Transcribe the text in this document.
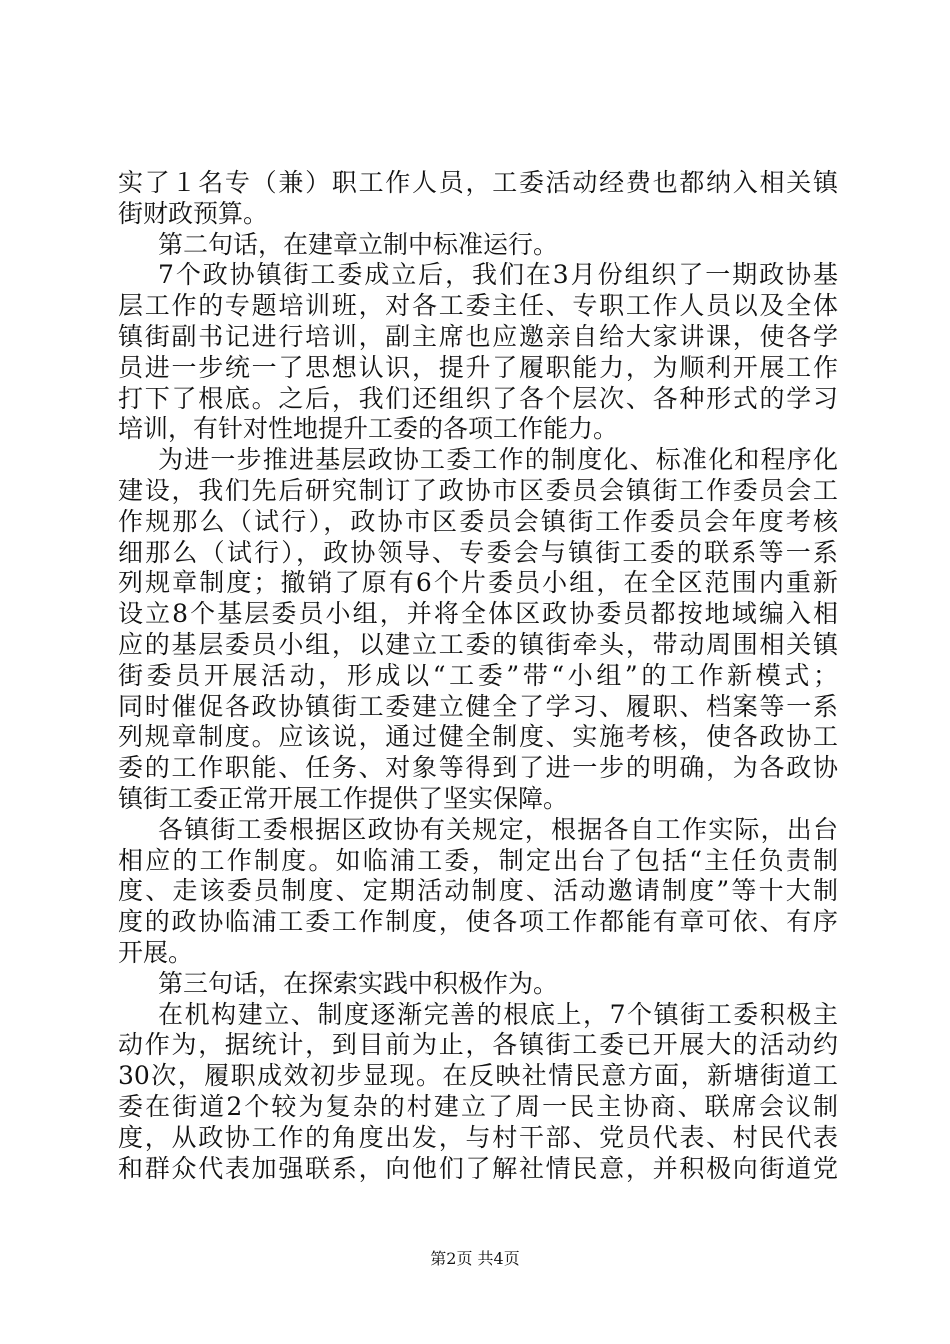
实了１名专（兼）职工作人员，工委活动经费也都纳入相关镇
街财政预算。
第二句话，在建章立制中标准运行。
7个政协镇街工委成立后，我们在3月份组织了一期政协基
层工作的专题培训班，对各工委主任、专职工作人员以及全体
镇街副书记进行培训，副主席也应邀亲自给大家讲课，使各学
员进一步统一了思想认识，提升了履职能力，为顺利开展工作
打下了根底。之后，我们还组织了各个层次、各种形式的学习
培训，有针对性地提升工委的各项工作能力。
为进一步推进基层政协工委工作的制度化、标准化和程序化
建设，我们先后研究制订了政协市区委员会镇街工作委员会工
作规那么（试行），政协市区委员会镇街工作委员会年度考核
细那么（试行），政协领导、专委会与镇街工委的联系等一系
列规章制度；撤销了原有6个片委员小组，在全区范围内重新
设立8个基层委员小组，并将全体区政协委员都按地域编入相
应的基层委员小组，以建立工委的镇街牵头，带动周围相关镇
街委员开展活动，形成以“工委”带“小组”的工作新模式；
同时催促各政协镇街工委建立健全了学习、履职、档案等一系
列规章制度。应该说，通过健全制度、实施考核，使各政协工
委的工作职能、任务、对象等得到了进一步的明确，为各政协
镇街工委正常开展工作提供了坚实保障。
各镇街工委根据区政协有关规定，根据各自工作实际，出台
相应的工作制度。如临浦工委，制定出台了包括“主任负责制
度、走该委员制度、定期活动制度、活动邀请制度”等十大制
度的政协临浦工委工作制度，使各项工作都能有章可依、有序
开展。
第三句话，在探索实践中积极作为。
在机构建立、制度逐渐完善的根底上，7个镇街工委积极主
动作为，据统计，到目前为止，各镇街工委已开展大的活动约
30次，履职成效初步显现。在反映社情民意方面，新塘街道工
委在街道2个较为复杂的村建立了周一民主协商、联席会议制
度，从政协工作的角度出发，与村干部、党员代表、村民代表
和群众代表加强联系，向他们了解社情民意，并积极向街道党
第2页 共4页
